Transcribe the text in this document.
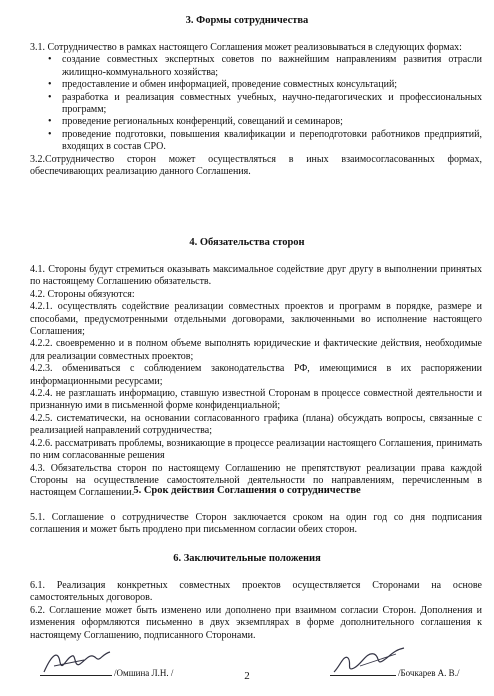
3. Формы сотрудничества

3.1. Сотрудничество в рамках настоящего Соглашения может реализовываться в следующих формах:

• создание совместных экспертных советов по важнейшим направлениям развития отрасли жилищно-коммунального хозяйства;
• предоставление и обмен информацией, проведение совместных консультаций;
• разработка и реализация совместных учебных, научно-педагогических и профессиональных программ;
• проведение региональных конференций, совещаний и семинаров;
• проведение подготовки, повышения квалификации и переподготовки работников предприятий, входящих в состав СРО.

3.2.Сотрудничество сторон может осуществляться в иных взаимосогласованных формах, обеспечивающих реализацию данного Соглашения.

4. Обязательства сторон

4.1. Стороны будут стремиться оказывать максимальное содействие друг другу в выполнении принятых по настоящему Соглашению обязательств.

4.2. Стороны обязуются:

4.2.1. осуществлять содействие реализации совместных проектов и программ в порядке, размере и способами, предусмотренными отдельными договорами, заключенными во исполнение настоящего Соглашения;

4.2.2. своевременно и в полном объеме выполнять юридические и фактические действия, необходимые для реализации совместных проектов;

4.2.3. обмениваться с соблюдением законодательства РФ, имеющимися в их распоряжении информационными ресурсами;

4.2.4. не разглашать информацию, ставшую известной Сторонам в процессе совместной деятельности и признанную ими в письменной форме конфиденциальной;

4.2.5. систематически, на основании согласованного графика (плана) обсуждать вопросы, связанные с реализацией направлений сотрудничества;

4.2.6. рассматривать проблемы, возникающие в процессе реализации настоящего Соглашения, принимать по ним согласованные решения

4.3. Обязательства сторон по настоящему Соглашению не препятствуют реализации права каждой Стороны на осуществление самостоятельной деятельности по направлениям, перечисленным в настоящем Соглашении. 5. Срок действия Соглашения о сотрудничестве

5.1. Соглашение о сотрудничестве Сторон заключается сроком на один год со дня подписания соглашения и может быть продлено при письменном согласии обеих сторон.

6. Заключительные положения

6.1. Реализация конкретных совместных проектов осуществляется Сторонами на основе самостоятельных договоров.

6.2. Соглашение может быть изменено или дополнено при взаимном согласии Сторон. Дополнения и изменения оформляются письменно в двух экземплярах в форме дополнительного соглашения к настоящему Соглашению, подписанного Сторонами.

/Омшина Л.Н. /	2	/Бочкарев А. В./
